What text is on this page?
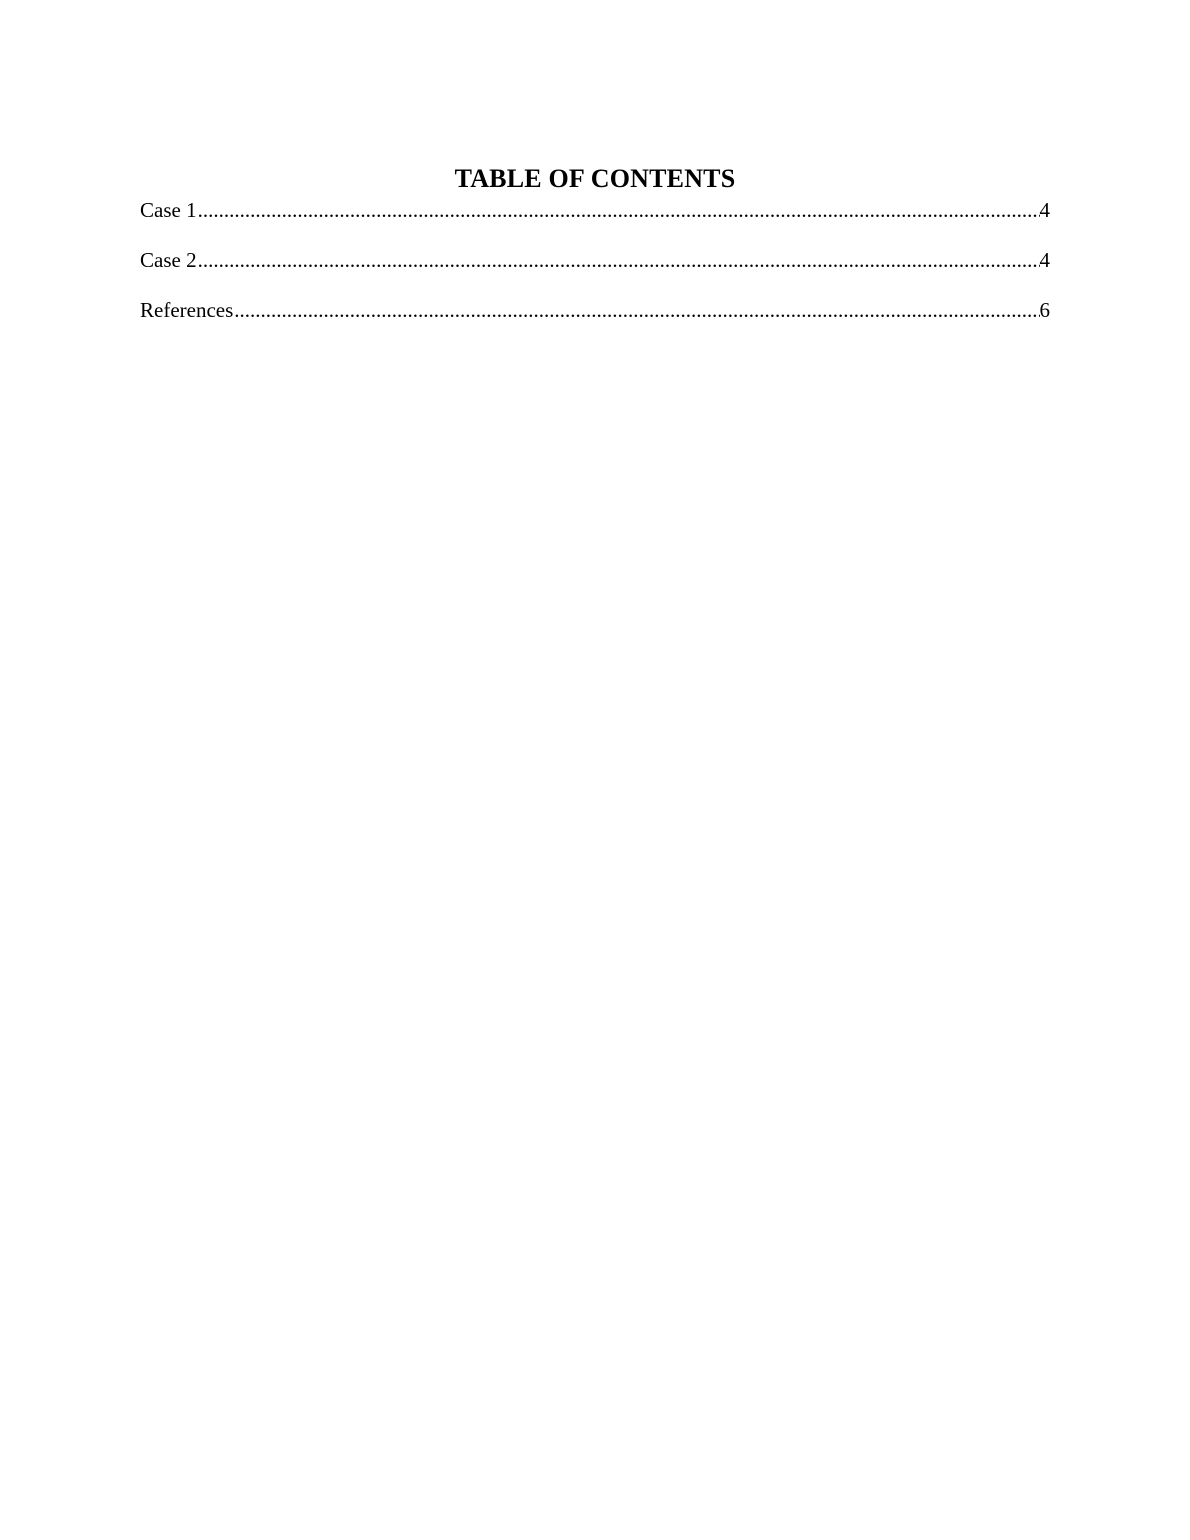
TABLE OF CONTENTS
Case 1 .....	4
Case 2 .....	4
References .....	6
